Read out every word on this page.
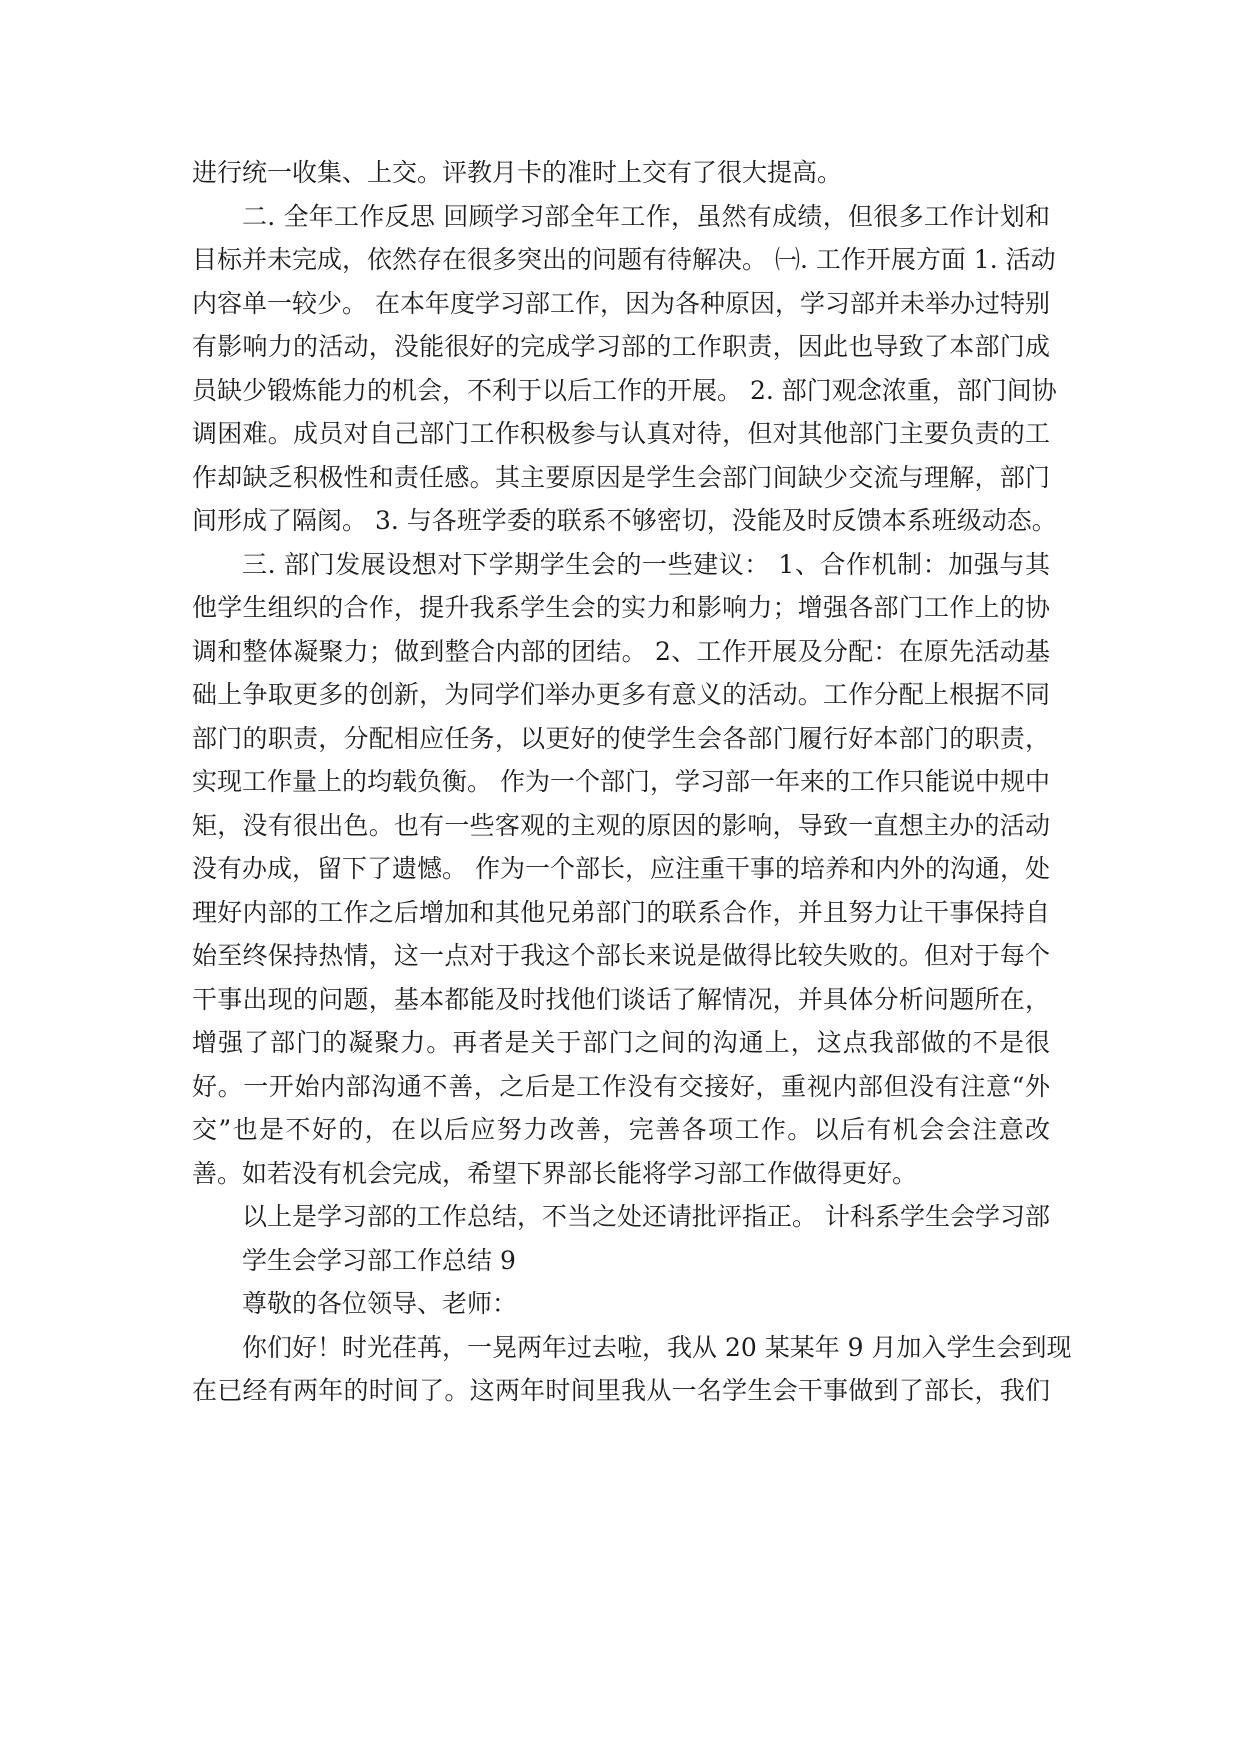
进行统一收集、上交。评教月卡的准时上交有了很大提高。
二. 全年工作反思 回顾学习部全年工作，虽然有成绩，但很多工作计划和
目标并未完成，依然存在很多突出的问题有待解决。 ㈠. 工作开展方面 1. 活动
内容单一较少。 在本年度学习部工作，因为各种原因，学习部并未举办过特别
有影响力的活动，没能很好的完成学习部的工作职责，因此也导致了本部门成
员缺少锻炼能力的机会，不利于以后工作的开展。 2. 部门观念浓重，部门间协
调困难。成员对自己部门工作积极参与认真对待，但对其他部门主要负责的工
作却缺乏积极性和责任感。其主要原因是学生会部门间缺少交流与理解，部门
间形成了隔阂。 3. 与各班学委的联系不够密切，没能及时反馈本系班级动态。
三. 部门发展设想对下学期学生会的一些建议： 1、合作机制：加强与其
他学生组织的合作，提升我系学生会的实力和影响力；增强各部门工作上的协
调和整体凝聚力；做到整合内部的团结。 2、工作开展及分配：在原先活动基
础上争取更多的创新，为同学们举办更多有意义的活动。工作分配上根据不同
部门的职责，分配相应任务，以更好的使学生会各部门履行好本部门的职责，
实现工作量上的均载负衡。 作为一个部门，学习部一年来的工作只能说中规中
矩，没有很出色。也有一些客观的主观的原因的影响，导致一直想主办的活动
没有办成，留下了遗憾。 作为一个部长，应注重干事的培养和内外的沟通，处
理好内部的工作之后增加和其他兄弟部门的联系合作，并且努力让干事保持自
始至终保持热情，这一点对于我这个部长来说是做得比较失败的。但对于每个
干事出现的问题，基本都能及时找他们谈话了解情况，并具体分析问题所在，
增强了部门的凝聚力。再者是关于部门之间的沟通上，这点我部做的不是很
好。一开始内部沟通不善，之后是工作没有交接好，重视内部但没有注意“外
交”也是不好的，在以后应努力改善，完善各项工作。以后有机会会注意改
善。如若没有机会完成，希望下界部长能将学习部工作做得更好。
以上是学习部的工作总结，不当之处还请批评指正。 计科系学生会学习部
学生会学习部工作总结 9
尊敬的各位领导、老师：
你们好！时光荏苒，一晃两年过去啦，我从 20 某某年 9 月加入学生会到现
在已经有两年的时间了。这两年时间里我从一名学生会干事做到了部长，我们
